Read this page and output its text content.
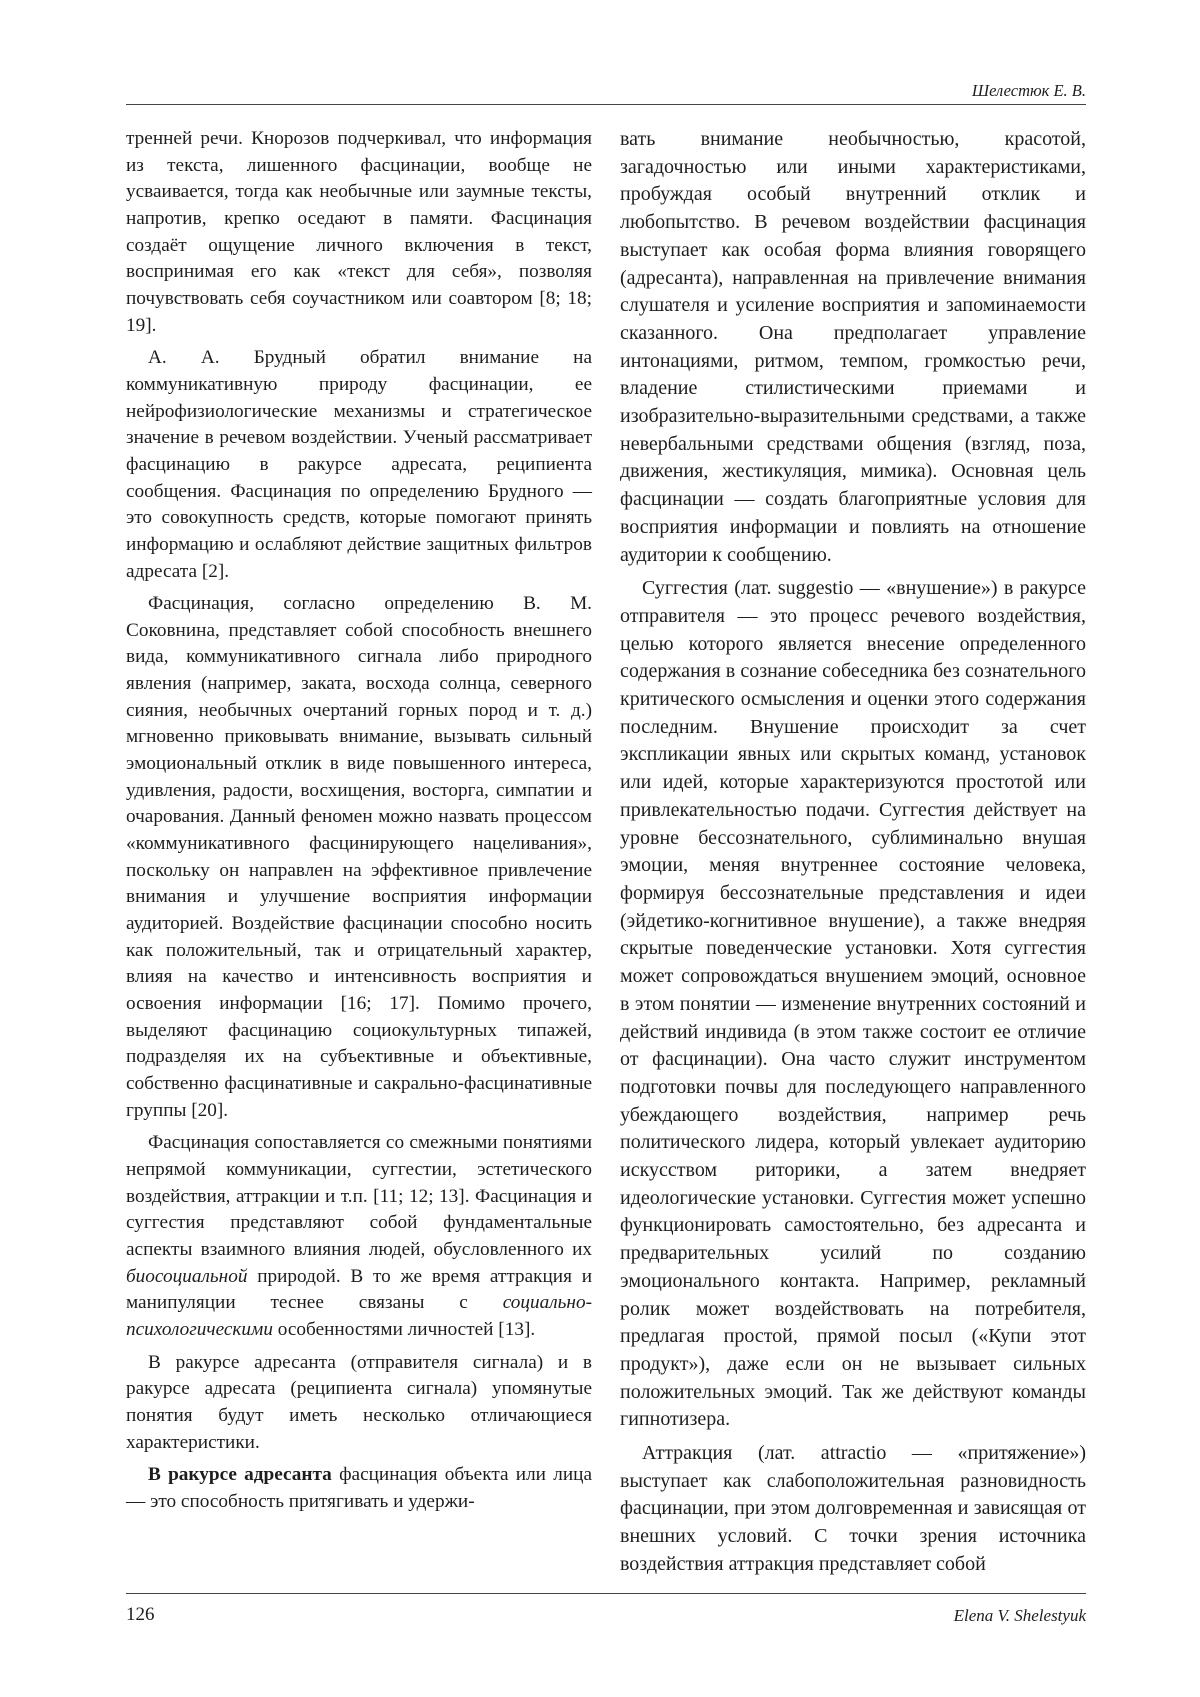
Шелестюк Е. В.

тренней речи. Кнорозов подчеркивал, что информация из текста, лишенного фасцинации, вообще не усваивается, тогда как необычные или заумные тексты, напротив, крепко оседают в памяти. Фасцинация создаёт ощущение личного включения в текст, воспринимая его как «текст для себя», позволяя почувствовать себя соучастником или соавтором [8; 18; 19].

А. А. Брудный обратил внимание на коммуникативную природу фасцинации, ее нейрофизиологические механизмы и стратегическое значение в речевом воздействии. Ученый рассматривает фасцинацию в ракурсе адресата, реципиента сообщения. Фасцинация по определению Брудного — это совокупность средств, которые помогают принять информацию и ослабляют действие защитных фильтров адресата [2].

Фасцинация, согласно определению В. М. Соковнина, представляет собой способность внешнего вида, коммуникативного сигнала либо природного явления (например, заката, восхода солнца, северного сияния, необычных очертаний горных пород и т. д.) мгновенно приковывать внимание, вызывать сильный эмоциональный отклик в виде повышенного интереса, удивления, радости, восхищения, восторга, симпатии и очарования. Данный феномен можно назвать процессом «коммуникативного фасцинирующего нацеливания», поскольку он направлен на эффективное привлечение внимания и улучшение восприятия информации аудиторией. Воздействие фасцинации способно носить как положительный, так и отрицательный характер, влияя на качество и интенсивность восприятия и освоения информации [16; 17]. Помимо прочего, выделяют фасцинацию социокультурных типажей, подразделяя их на субъективные и объективные, собственно фасцинативные и сакрально-фасцинативные группы [20].

Фасцинация сопоставляется со смежными понятиями непрямой коммуникации, суггестии, эстетического воздействия, аттракции и т.п. [11; 12; 13]. Фасцинация и суггестия представляют собой фундаментальные аспекты взаимного влияния людей, обусловленного их биосоциальной природой. В то же время аттракция и манипуляции теснее связаны с социально-психологическими особенностями личностей [13].

В ракурсе адресанта (отправителя сигнала) и в ракурсе адресата (реципиента сигнала) упомянутые понятия будут иметь несколько отличающиеся характеристики.

В ракурсе адресанта фасцинация объекта или лица — это способность притягивать и удержи-

вать внимание необычностью, красотой, загадочностью или иными характеристиками, пробуждая особый внутренний отклик и любопытство. В речевом воздействии фасцинация выступает как особая форма влияния говорящего (адресанта), направленная на привлечение внимания слушателя и усиление восприятия и запоминаемости сказанного. Она предполагает управление интонациями, ритмом, темпом, громкостью речи, владение стилистическими приемами и изобразительно-выразительными средствами, а также невербальными средствами общения (взгляд, поза, движения, жестикуляция, мимика). Основная цель фасцинации — создать благоприятные условия для восприятия информации и повлиять на отношение аудитории к сообщению.

Суггестия (лат. suggestio — «внушение») в ракурсе отправителя — это процесс речевого воздействия, целью которого является внесение определенного содержания в сознание собеседника без сознательного критического осмысления и оценки этого содержания последним. Внушение происходит за счет экспликации явных или скрытых команд, установок или идей, которые характеризуются простотой или привлекательностью подачи. Суггестия действует на уровне бессознательного, сублиминально внушая эмоции, меняя внутреннее состояние человека, формируя бессознательные представления и идеи (эйдетико-когнитивное внушение), а также внедряя скрытые поведенческие установки. Хотя суггестия может сопровождаться внушением эмоций, основное в этом понятии — изменение внутренних состояний и действий индивида (в этом также состоит ее отличие от фасцинации). Она часто служит инструментом подготовки почвы для последующего направленного убеждающего воздействия, например речь политического лидера, который увлекает аудиторию искусством риторики, а затем внедряет идеологические установки. Суггестия может успешно функционировать самостоятельно, без адресанта и предварительных усилий по созданию эмоционального контакта. Например, рекламный ролик может воздействовать на потребителя, предлагая простой, прямой посыл («Купи этот продукт»), даже если он не вызывает сильных положительных эмоций. Так же действуют команды гипнотизера.

Аттракция (лат. attractio — «притяжение») выступает как слабоположительная разновидность фасцинации, при этом долговременная и зависящая от внешних условий. С точки зрения источника воздействия аттракция представляет собой

126	Elena V. Shelestyuk
